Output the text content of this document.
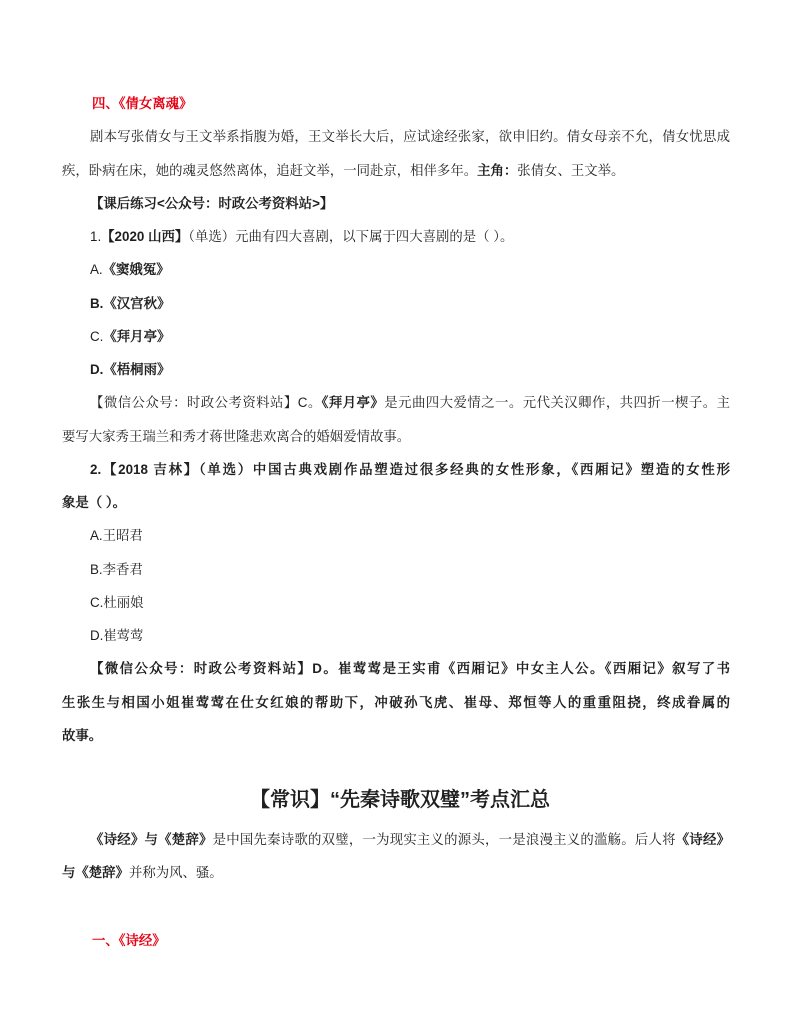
四、《倩女离魂》
剧本写张倩女与王文举系指腹为婚，王文举长大后，应试途经张家，欲申旧约。倩女母亲不允，倩女忧思成
疾，卧病在床，她的魂灵悠然离体，追赶文举，一同赴京，相伴多年。主角：张倩女、王文举。
【课后练习<公众号：时政公考资料站>】
1.【2020 山西】（单选）元曲有四大喜剧，以下属于四大喜剧的是（ ）。
A.《窦娥冤》
B.《汉宫秋》
C.《拜月亭》
D.《梧桐雨》
【微信公众号：时政公考资料站】C。《拜月亭》是元曲四大爱情之一。元代关汉卿作，共四折一楔子。主
要写大家秀王瑞兰和秀才蒋世隆悲欢离合的婚姻爱情故事。
2.【2018 吉林】（单选）中国古典戏剧作品塑造过很多经典的女性形象，《西厢记》塑造的女性形
象是（ ）。
A.王昭君
B.李香君
C.杜丽娘
D.崔莺莺
【微信公众号：时政公考资料站】D。崔莺莺是王实甫《西厢记》中女主人公。《西厢记》叙写了书
生张生与相国小姐崔莺莺在仕女红娘的帮助下，冲破孙飞虎、崔母、郑恒等人的重重阻挠，终成眷属的
故事。
【常识】“先秦诗歌双璧”考点汇总
《诗经》与《楚辞》是中国先秦诗歌的双璧，一为现实主义的源头，一是浪漫主义的滥觞。后人将《诗经》
与《楚辞》并称为风、骚。
一、《诗经》
